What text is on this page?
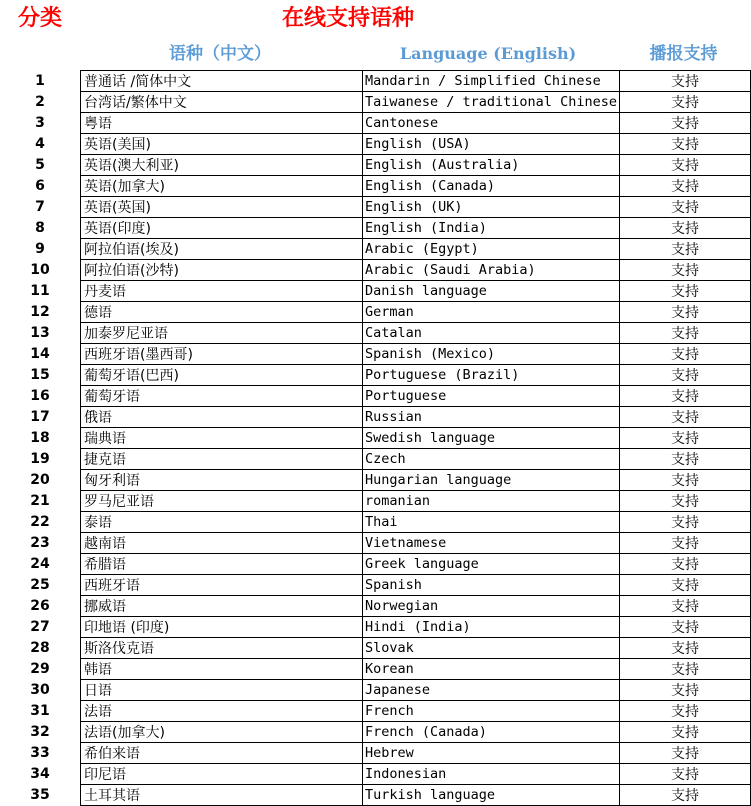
分类	在线支持语种
语种（中文）	Language (English)	播报支持
1	普通话 /简体中文	Mandarin / Simplified Chinese	支持
2	台湾话/繁体中文	Taiwanese / traditional Chinese	支持
3	粤语	Cantonese	支持
4	英语(美国)	English (USA)	支持
5	英语(澳大利亚)	English (Australia)	支持
6	英语(加拿大)	English (Canada)	支持
7	英语(英国)	English (UK)	支持
8	英语(印度)	English (India)	支持
9	阿拉伯语(埃及)	Arabic (Egypt)	支持
10	阿拉伯语(沙特)	Arabic (Saudi Arabia)	支持
11	丹麦语	Danish language	支持
12	德语	German	支持
13	加泰罗尼亚语	Catalan	支持
14	西班牙语(墨西哥)	Spanish (Mexico)	支持
15	葡萄牙语(巴西)	Portuguese (Brazil)	支持
16	葡萄牙语	Portuguese	支持
17	俄语	Russian	支持
18	瑞典语	Swedish language	支持
19	捷克语	Czech	支持
20	匈牙利语	Hungarian language	支持
21	罗马尼亚语	romanian	支持
22	泰语	Thai	支持
23	越南语	Vietnamese	支持
24	希腊语	Greek language	支持
25	西班牙语	Spanish	支持
26	挪威语	Norwegian	支持
27	印地语 (印度)	Hindi (India)	支持
28	斯洛伐克语	Slovak	支持
29	韩语	Korean	支持
30	日语	Japanese	支持
31	法语	French	支持
32	法语(加拿大)	French (Canada)	支持
33	希伯来语	Hebrew	支持
34	印尼语	Indonesian	支持
35	土耳其语	Turkish language	支持
